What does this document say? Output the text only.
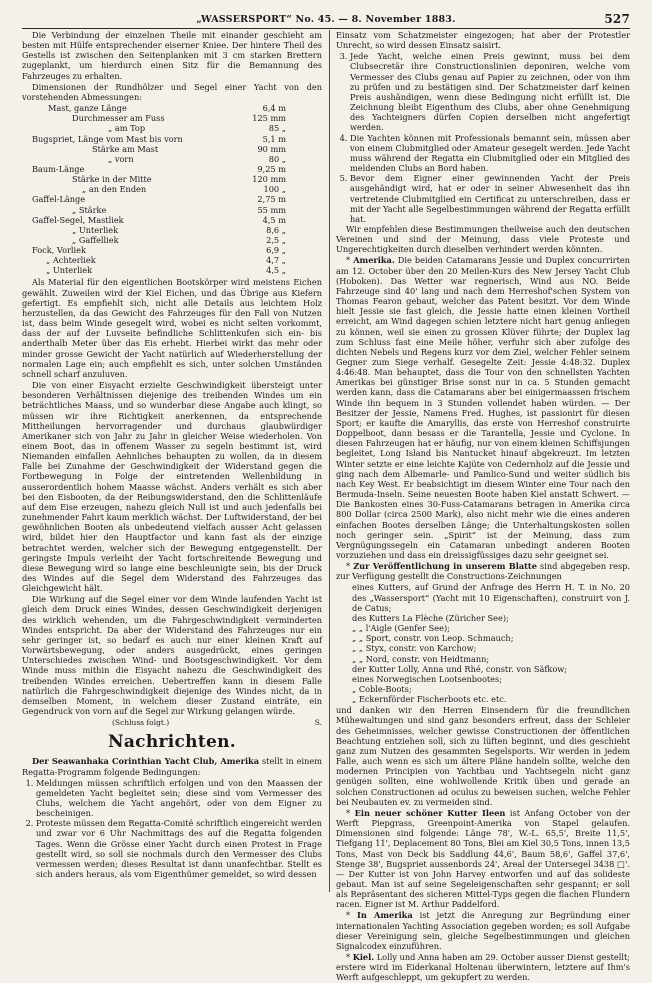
„WASSERSPORT“ No. 45. — 8. November 1883.	527

Die Verbindung der einzelnen Theile mit einander geschieht am besten mit Hülfe entsprechender eiserner Kniee. Der hintere Theil des Gestells ist zwischen den Seitenplanken mit 3 cm starken Brettern zugeplankt, um hierdurch einen Sitz für die Bemannung des Fahrzeuges zu erhalten.

Dimensionen der Rundhölzer und Segel einer Yacht von den vorstehenden Abmessungen:

Mast, ganze Länge	6,4 m
Durchmesser am Fuss	125 mm
„ am Top	85 „
Bugspriet, Länge vom Mast bis vorn	5,1 m
Stärke am Mast	90 mm
„ vorn	80 „
Baum-Länge	9,25 m
Stärke in der Mitte	120 mm
„ an den Enden	100 „
Gaffel-Länge	2,75 m
„ Stärke	55 mm
Gaffel-Segel, Mastliek	4,5 m
„ Unterliek	8,6 „
„ Gaffelliek	2,5 „
Fock, Vorliek	6,9 „
„ Achterliek	4,7 „
„ Unterliek	4,5 „

Als Material für den eigentlichen Bootskörper wird meistens Eichen gewählt. Zuweilen wird der Kiel Eichen, und das Übrige aus Kiefern gefertigt. Es empfiehlt sich, nicht alle Details aus leichtem Holz herzustellen, da das Gewicht des Fahrzeuges für den Fall von Nutzen ist, dass beim Winde gesegelt wird, wobei es nicht selten vorkommt, dass der auf der Luvseite befindliche Schlittenkufen sich ein- bis anderthalb Meter über das Eis erhebt. Hierbei wirkt das mehr oder minder grosse Gewicht der Yacht natürlich auf Wiederherstellung der normalen Lage ein; auch empfiehlt es sich, unter solchen Umständen schnell scharf anzuluven.

Die von einer Eisyacht erzielte Geschwindigkeit übersteigt unter besonderen Verhältnissen diejenige des treibenden Windes um ein beträchtliches Maass, und so wunderbar diese Angabe auch klingt, so müssen wir ihre Richtigkeit anerkennen, da entsprechende Mittheilungen hervorragender und durchaus glaubwürdiger Amerikaner sich von Jahr zu Jahr in gleicher Weise wiederholen. Von einem Boot, das in offenem Wasser zu segeln bestimmt ist, wird Niemanden einfallen Aehnliches behaupten zu wollen, da in diesem Falle bei Zunahme der Geschwindigkeit der Widerstand gegen die Fortbewegung in Folge der eintretenden Wellenbildung in ausserordentlich hohem Maasse wächst. Anders verhält es sich aber bei den Eisbooten, da der Reibungswiderstand, den die Schlittenläufe auf dem Eise erzeugen, nahezu gleich Null ist und auch jedenfalls bei zunehmender Fahrt kaum merklich wächst. Der Luftwiderstand, der bei gewöhnlichen Booten als unbedeutend vielfach ausser Acht gelassen wird, bildet hier den Hauptfactor und kann fast als der einzige betrachtet werden, welcher sich der Bewegung entgegenstellt. Der geringste Impuls verleiht der Yacht fortschreitende Bewegung und diese Bewegung wird so lange eine beschleunigte sein, bis der Druck des Windes auf die Segel dem Widerstand des Fahrzeuges das Gleichgewicht hält.

Die Wirkung auf die Segel einer vor dem Winde laufenden Yacht ist gleich dem Druck eines Windes, dessen Geschwindigkeit derjenigen des wirklich wehenden, um die Fahrgeschwindigkeit verminderten Windes entspricht. Da aber der Widerstand des Fahrzeuges nur ein sehr geringer ist, so bedarf es auch nur einer kleinen Kraft auf Vorwärtsbewegung, oder anders ausgedrückt, eines geringen Unterschiedes zwischen Wind- und Bootsgeschwindigkeit. Vor dem Winde muss mithin die Eisyacht nahezu die Geschwindigkeit des treibenden Windes erreichen. Uebertreffen kann in diesem Falle natürlich die Fahrgeschwindigkeit diejenige des Windes nicht, da in demselben Moment, in welchem dieser Zustand einträte, ein Gegendruck von vorn auf die Segel zur Wirkung gelangen würde.

(Schluss folgt.)	S.
Nachrichten.

Der Seawanhaka Corinthian Yacht Club, Amerika stellt in einem Regatta-Programm folgende Bedingungen:

1. Meldungen müssen schriftlich erfolgen und von den Maassen der gemeldeten Yacht begleitet sein; diese sind vom Vermesser des Clubs, welchem die Yacht angehört, oder von dem Eigner zu bescheinigen.
2. Proteste müssen dem Regatta-Comité schriftlich eingereicht werden und zwar vor 6 Uhr Nachmittags des auf die Regatta folgenden Tages. Wenn die Grösse einer Yacht durch einen Protest in Frage gestellt wird, so soll sie nochmals durch den Vermesser des Clubs vermessen werden; dieses Resultat ist dann unanfechtbar. Stellt es sich anders heraus, als vom Eigenthümer gemeldet, so wird dessen

Einsatz vom Schatzmeister eingezogen; hat aber der Protestler Unrecht, so wird dessen Einsatz saisirt.

3. Jede Yacht, welche einen Preis gewinnt, muss bei dem Clubsecretär ihre Constructionslinien deponiren, welche vom Vermesser des Clubs genau auf Papier zu zeichnen, oder von ihm zu prüfen und zu bestätigen sind. Der Schatzmeister darf keinen Preis aushändigen, wenn diese Bedingung nicht erfüllt ist. Die Zeichnung bleibt Eigenthum des Clubs, aber ohne Genehmigung des Yachteigners dürfen Copien derselben nicht angefertigt werden.
4. Die Yachten können mit Professionals bemannt sein, müssen aber von einem Clubmitglied oder Amateur gesegelt werden. Jede Yacht muss während der Regatta ein Clubmitglied oder ein Mitglied des meldenden Clubs an Bord haben.
5. Bevor dem Eigner einer gewinnenden Yacht der Preis ausgehändigt wird, hat er oder in seiner Abwesenheit das ihn vertretende Clubmitglied ein Certificat zu unterschreiben, dass er mit der Yacht alle Segelbestimmungen während der Regatta erfüllt hat.

Wir empfehlen diese Bestimmungen theilweise auch den deutschen Vereinen und sind der Meinung, dass viele Proteste und Ungerechtigkeiten durch dieselben verhindert werden könnten.

* Amerika. Die beiden Catamarans Jessie und Duplex concurrirten am 12. October über den 20 Meilen-Kurs des New Jersey Yacht Club (Hoboken). Das Wetter war regnerisch, Wind aus NO. Beide Fahrzeuge sind 40' lang und nach dem Herreshof'schen System von Thomas Fearon gebaut, welcher das Patent besitzt. Vor dem Winde hielt Jessie sie fast gleich, die Jessie hatte einen kleinen Vortheil erreicht, am Wind dagegen schien letztere nicht hart genug anliegen zu können, weil sie einen zu grossen Klüver führte; der Duplex lag zum Schluss fast eine Meile höher, verfuhr sich aber zufolge des dichten Nebels und Regens kurz vor dem Ziel, welcher Fehler seinem Gegner zum Siege verhalf. Gesegelte Zeit: Jessie 4:48:32. Duplex 4:46:48. Man behauptet, dass die Tour von den schnellsten Yachten Amerikas bei günstiger Brise sonst nur in ca. 5 Stunden gemacht werden kann, dass die Catamarans aber bei einigermaassen frischem Winde ihn bequem in 3 Stunden vollendet haben würden. — Der Besitzer der Jessie, Namens Fred. Hughes, ist passionirt für diesen Sport; er kaufte die Amaryllis, das erste von Herreshof construirte Doppelboot, dann besass er die Tarantella, Jessie und Cyclone. In diesen Fahrzeugen hat er häufig, nur von einem kleinen Schiffsjungen begleitet, Long Island bis Nantucket hinauf abgekreuzt. Im letzten Winter setzte er eine leichte Kajüte von Cedernholz auf die Jessie und ging nach dem Albemarle- und Pamlico-Sund und weiter südlich bis nach Key West. Er beabsichtigt im diesem Winter eine Tour nach den Bermuda-Inseln. Seine neuesten Boote haben Kiel anstatt Schwert. — Die Bankosten eines 30-Fuss-Catamarans betragen in Amerika circa 800 Dollar (circa 2500 Mark), also nicht mehr wie die eines anderen einfachen Bootes derselben Länge; die Unterhaltungskosten sollen noch geringer sein. „Spirit“ ist der Meinung, dass zum Vergnügungssegeln ein Catamaran unbedingt anderen Booten vorzuziehen und dass ein dreissigfüssiges dazu sehr geeignet sei.

* Zur Veröffentlichung in unserem Blatte sind abgegeben resp. zur Verfügung gestellt die Constructions-Zeichnungen

eines Kutters, auf Grund der Anfrage des Herrn H. T. in No. 20 des „Wassersport“ (Yacht mit 10 Eigenschaften), construirt von J. de Catus;
des Kutters La Flèche (Züricher See);
„ „ l'Aigle (Genfer See);
„ „ Sport, constr. von Leop. Schmauch;
„ „ Styx, constr. von Karchow;
„ „ Nord, constr. von Heidtmann;
der Kutter Lolly, Anna und Rhé, constr. von Säfkow;
eines Norwegischen Lootsenbootes;
„ Coble-Boots;
„ Eckernförder Fischerboots etc. etc.

und danken wir den Herren Einsendern für die freundlichen Mühewaltungen und sind ganz besonders erfreut, dass der Schleier des Geheimnisses, welcher gewisse Constructionen der öffentlichen Beachtung entziehen soll, sich zu lüften beginnt, und dies geschieht ganz zum Nutzen des gesammten Segelsports. Wir werden in jedem Falle, auch wenn es sich um ältere Pläne handeln sollte, welche den modernen Principien von Yachtbau und Yachtsegeln nicht ganz genügen sollten, eine wohlwollende Kritik üben und gerade an solchen Constructionen ad oculus zu beweisen suchen, welche Fehler bei Neubauten ev. zu vermeiden sind.

* Ein neuer schöner Kutter Ileen ist Anfang October von der Werft Piepgrass, Greenpoint-Amerika von Stapel gelaufen. Dimensionen sind folgende: Länge 78', W.-L. 65,5', Breite 11,5', Tiefgang 11', Deplacement 80 Tons, Blei am Kiel 30,5 Tons, innen 13,5 Tons, Mast von Deck bis Saddlung 44,6', Baum 58,6', Gaffel 37,6', Stenge 38', Bugspriet aussenbords 24', Areal der Untersegel 3438 □'. — Der Kutter ist von John Harvey entworfen und auf das solideste gebaut. Man ist auf seine Segeleigenschaften sehr gespannt; er soll als Repräsentant des sicheren Mittel-Typs gegen die flachen Flundern racen. Eigner ist M. Arthur Paddelford.

* In Amerika ist jetzt die Anregung zur Begründung einer internationalen Yachting Association gegeben worden; es soll Aufgabe dieser Vereinigung sein, gleiche Segelbestimmungen und gleichen Signalcodex einzuführen.

* Kiel. Lolly und Anna haben am 29. October ausser Dienst gestellt; erstere wird im Eiderkanal Holtenau überwintern, letztere auf Ihm's Werft aufgeschleppt, um gekupfert zu werden.
